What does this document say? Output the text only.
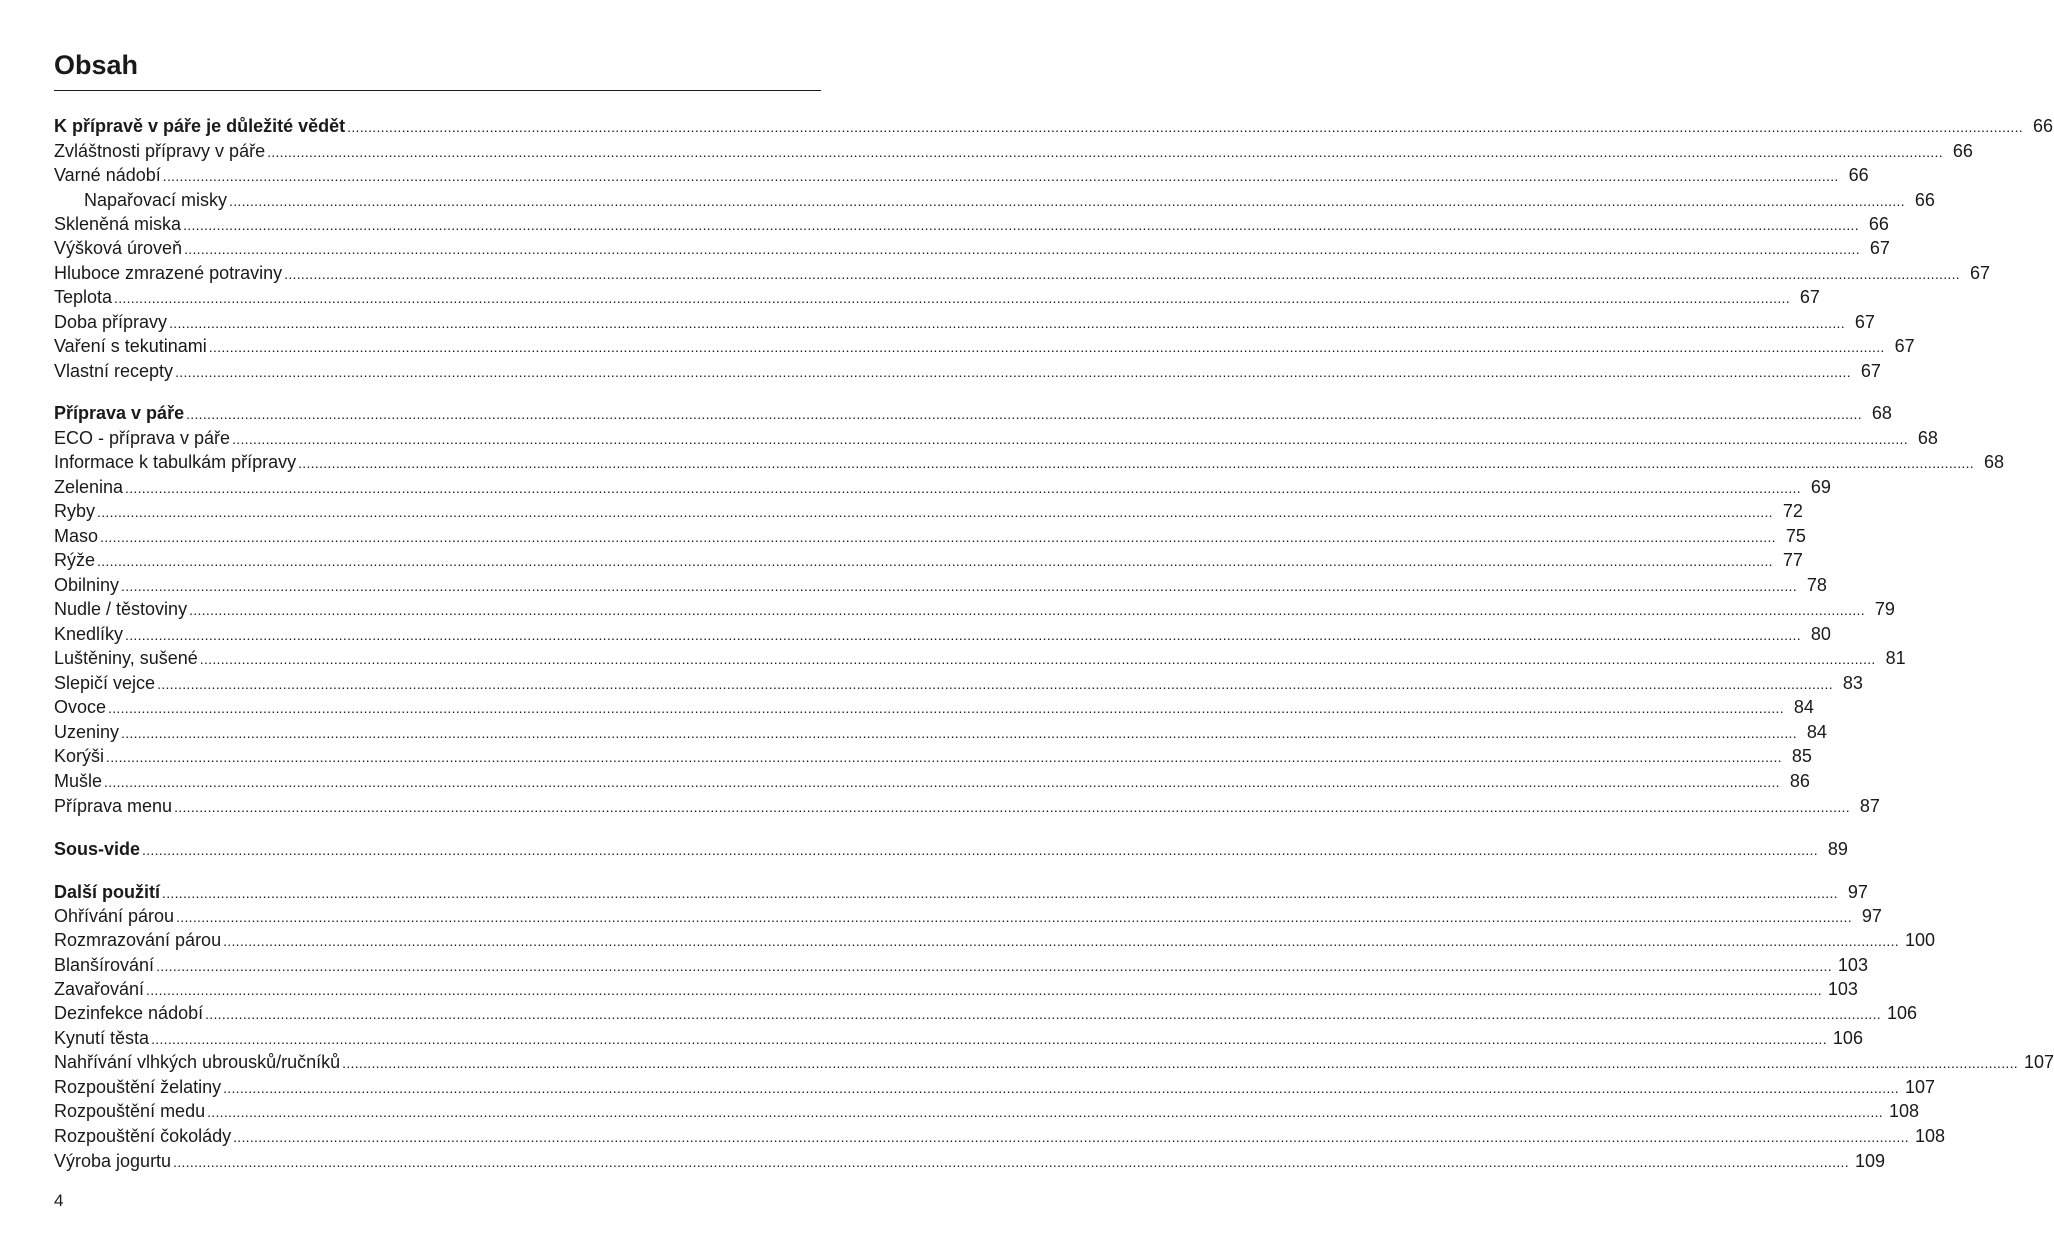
Obsah
K přípravě v páře je důležité vědět ................................................................................................................................................................................................................................................................................................................................................................................................................ 66
Zvláštnosti přípravy v páře ................................................................................................................................................................................................................................................................................................................................................................................................................ 66
Varné nádobí ................................................................................................................................................................................................................................................................................................................................................................................................................ 66
Napařovací misky ................................................................................................................................................................................................................................................................................................................................................................................................................ 66
Skleněná miska ................................................................................................................................................................................................................................................................................................................................................................................................................ 66
Výšková úroveň ................................................................................................................................................................................................................................................................................................................................................................................................................ 67
Hluboce zmrazené potraviny ................................................................................................................................................................................................................................................................................................................................................................................................................ 67
Teplota ................................................................................................................................................................................................................................................................................................................................................................................................................ 67
Doba přípravy ................................................................................................................................................................................................................................................................................................................................................................................................................ 67
Vaření s tekutinami ................................................................................................................................................................................................................................................................................................................................................................................................................ 67
Vlastní recepty ................................................................................................................................................................................................................................................................................................................................................................................................................ 67
Příprava v páře ................................................................................................................................................................................................................................................................................................................................................................................................................ 68
ECO - příprava v páře ................................................................................................................................................................................................................................................................................................................................................................................................................ 68
Informace k tabulkám přípravy ................................................................................................................................................................................................................................................................................................................................................................................................................ 68
Zelenina ................................................................................................................................................................................................................................................................................................................................................................................................................ 69
Ryby ................................................................................................................................................................................................................................................................................................................................................................................................................ 72
Maso ................................................................................................................................................................................................................................................................................................................................................................................................................ 75
Rýže ................................................................................................................................................................................................................................................................................................................................................................................................................ 77
Obilniny ................................................................................................................................................................................................................................................................................................................................................................................................................ 78
Nudle / těstoviny ................................................................................................................................................................................................................................................................................................................................................................................................................ 79
Knedlíky ................................................................................................................................................................................................................................................................................................................................................................................................................ 80
Luštěniny, sušené ................................................................................................................................................................................................................................................................................................................................................................................................................ 81
Slepičí vejce ................................................................................................................................................................................................................................................................................................................................................................................................................ 83
Ovoce ................................................................................................................................................................................................................................................................................................................................................................................................................ 84
Uzeniny ................................................................................................................................................................................................................................................................................................................................................................................................................ 84
Korýši ................................................................................................................................................................................................................................................................................................................................................................................................................ 85
Mušle ................................................................................................................................................................................................................................................................................................................................................................................................................ 86
Příprava menu ................................................................................................................................................................................................................................................................................................................................................................................................................ 87
Sous-vide ................................................................................................................................................................................................................................................................................................................................................................................................................ 89
Další použití ................................................................................................................................................................................................................................................................................................................................................................................................................ 97
Ohřívání párou ................................................................................................................................................................................................................................................................................................................................................................................................................ 97
Rozmrazování párou ................................................................................................................................................................................................................................................................................................................................................................................................................ 100
Blanšírování ................................................................................................................................................................................................................................................................................................................................................................................................................ 103
Zavařování ................................................................................................................................................................................................................................................................................................................................................................................................................ 103
Dezinfekce nádobí ................................................................................................................................................................................................................................................................................................................................................................................................................ 106
Kynutí těsta ................................................................................................................................................................................................................................................................................................................................................................................................................ 106
Nahřívání vlhkých ubrousků/ručníků ................................................................................................................................................................................................................................................................................................................................................................................................................ 107
Rozpouštění želatiny ................................................................................................................................................................................................................................................................................................................................................................................................................ 107
Rozpouštění medu ................................................................................................................................................................................................................................................................................................................................................................................................................ 108
Rozpouštění čokolády ................................................................................................................................................................................................................................................................................................................................................................................................................ 108
Výroba jogurtu ................................................................................................................................................................................................................................................................................................................................................................................................................ 109
4
